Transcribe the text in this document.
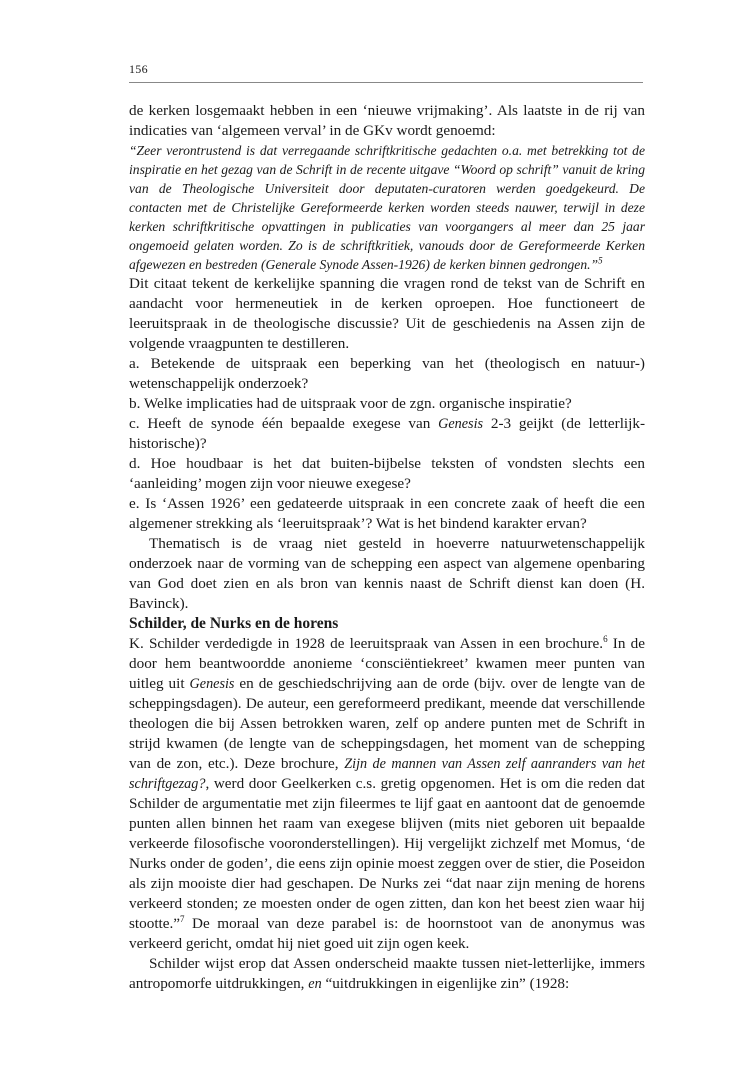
156

de kerken losgemaakt hebben in een ‘nieuwe vrijmaking’. Als laatste in de rij van indicaties van ‘algemeen verval’ in de GKv wordt genoemd:

“Zeer verontrustend is dat verregaande schriftkritische gedachten o.a. met betrekking tot de inspiratie en het gezag van de Schrift in de recente uitgave “Woord op schrift” vanuit de kring van de Theologische Universiteit door deputaten-curatoren werden goedgekeurd. De contacten met de Christelijke Gereformeerde kerken worden steeds nauwer, terwijl in deze kerken schriftkritische opvattingen in publicaties van voorgangers al meer dan 25 jaar ongemoeid gelaten worden. Zo is de schriftkritiek, vanouds door de Gereformeerde Kerken afgewezen en bestreden (Generale Synode Assen-1926) de kerken binnen gedrongen.”$^5$

Dit citaat tekent de kerkelijke spanning die vragen rond de tekst van de Schrift en aandacht voor hermeneutiek in de kerken oproepen. Hoe functioneert de leeruitspraak in de theologische discussie? Uit de geschiedenis na Assen zijn de volgende vraagpunten te destilleren.

a. Betekende de uitspraak een beperking van het (theologisch en natuur-) wetenschappelijk onderzoek?

b. Welke implicaties had de uitspraak voor de zgn. organische inspiratie?

c. Heeft de synode één bepaalde exegese van Genesis 2-3 geijkt (de letterlijk-historische)?

d. Hoe houdbaar is het dat buiten-bijbelse teksten of vondsten slechts een ‘aanleiding’ mogen zijn voor nieuwe exegese?

e. Is ‘Assen 1926’ een gedateerde uitspraak in een concrete zaak of heeft die een algemener strekking als ‘leeruitspraak’? Wat is het bindend karakter ervan?

Thematisch is de vraag niet gesteld in hoeverre natuurwetenschappelijk onderzoek naar de vorming van de schepping een aspect van algemene openbaring van God doet zien en als bron van kennis naast de Schrift dienst kan doen (H. Bavinck).

Schilder, de Nurks en de horens

K. Schilder verdedigde in 1928 de leeruitspraak van Assen in een brochure.$^6$ In de door hem beantwoordde anonieme ‘consciëntiekreet’ kwamen meer punten van uitleg uit Genesis en de geschiedschrijving aan de orde (bijv. over de lengte van de scheppingsdagen). De auteur, een gereformeerd predikant, meende dat verschillende theologen die bij Assen betrokken waren, zelf op andere punten met de Schrift in strijd kwamen (de lengte van de scheppingsdagen, het moment van de schepping van de zon, etc.). Deze brochure, Zijn de mannen van Assen zelf aanranders van het schriftgezag?, werd door Geelkerken c.s. gretig opgenomen. Het is om die reden dat Schilder de argumentatie met zijn fileermes te lijf gaat en aantoont dat de genoemde punten allen binnen het raam van exegese blijven (mits niet geboren uit bepaalde verkeerde filosofische vooronderstellingen). Hij vergelijkt zichzelf met Momus, ‘de Nurks onder de goden’, die eens zijn opinie moest zeggen over de stier, die Poseidon als zijn mooiste dier had geschapen. De Nurks zei “dat naar zijn mening de horens verkeerd stonden; ze moesten onder de ogen zitten, dan kon het beest zien waar hij stootte.”$^7$ De moraal van deze parabel is: de hoornstoot van de anonymus was verkeerd gericht, omdat hij niet goed uit zijn ogen keek.

Schilder wijst erop dat Assen onderscheid maakte tussen niet-letterlijke, immers antropomorfe uitdrukkingen, en “uitdrukkingen in eigenlijke zin” (1928:
